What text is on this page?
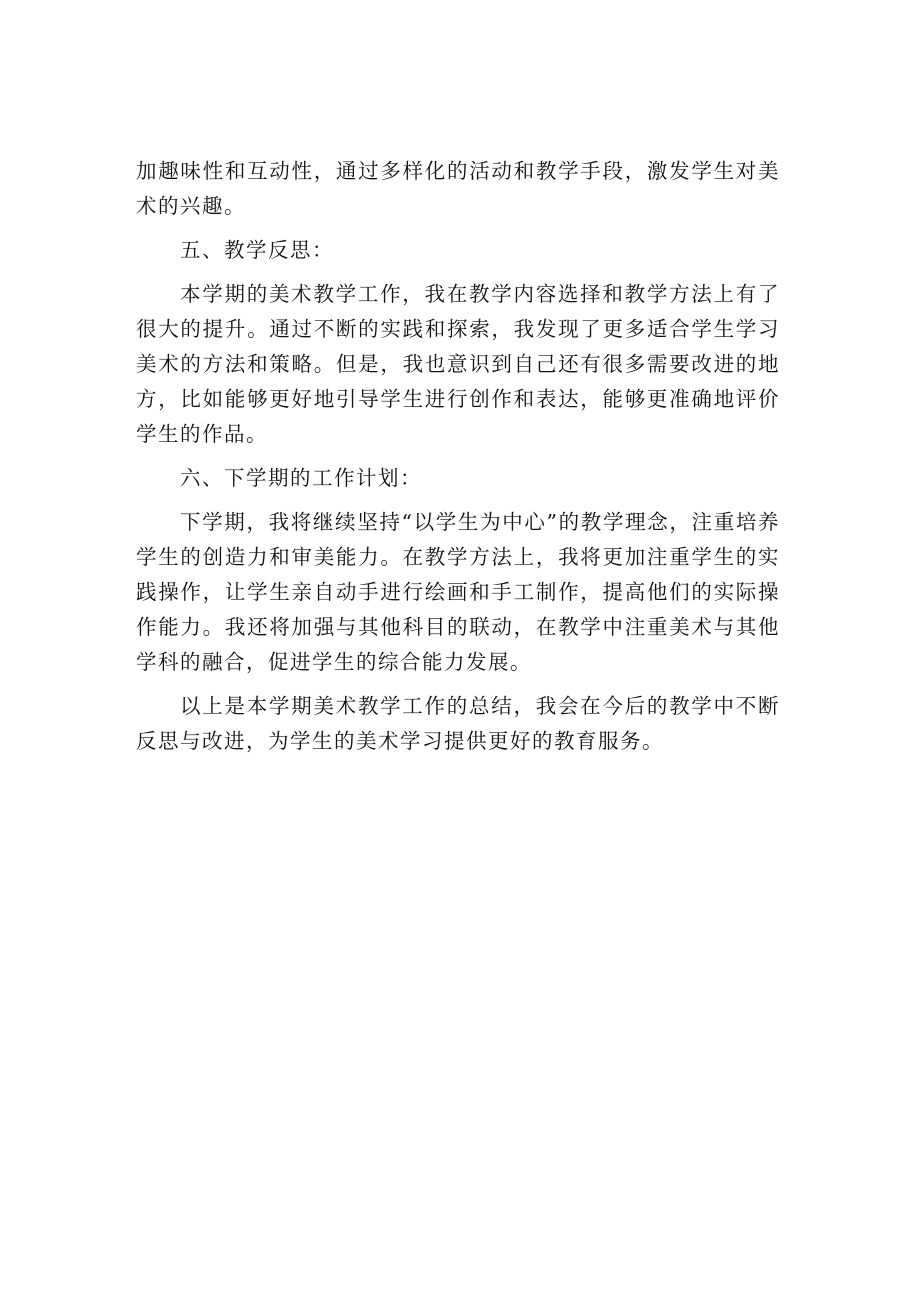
加趣味性和互动性，通过多样化的活动和教学手段，激发学生对美术的兴趣。

五、教学反思：

本学期的美术教学工作，我在教学内容选择和教学方法上有了很大的提升。通过不断的实践和探索，我发现了更多适合学生学习美术的方法和策略。但是，我也意识到自己还有很多需要改进的地方，比如能够更好地引导学生进行创作和表达，能够更准确地评价学生的作品。

六、下学期的工作计划：

下学期，我将继续坚持“以学生为中心”的教学理念，注重培养学生的创造力和审美能力。在教学方法上，我将更加注重学生的实践操作，让学生亲自动手进行绘画和手工制作，提高他们的实际操作能力。我还将加强与其他科目的联动，在教学中注重美术与其他学科的融合，促进学生的综合能力发展。

以上是本学期美术教学工作的总结，我会在今后的教学中不断反思与改进，为学生的美术学习提供更好的教育服务。
